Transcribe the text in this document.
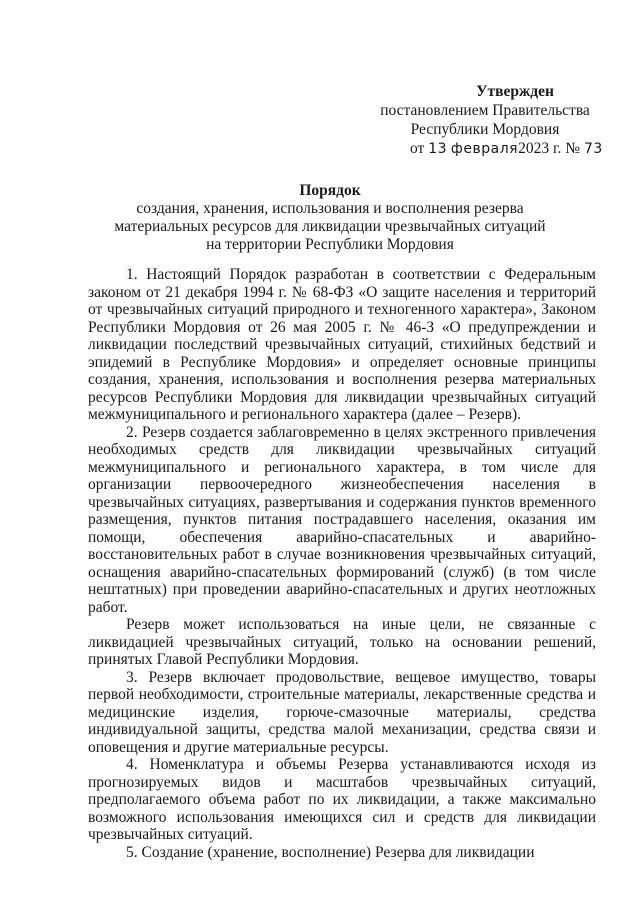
Утвержден
постановлением Правительства
Республики Мордовия
от 13 февраля2023 г. № 73
Порядок
создания, хранения, использования и восполнения резерва
материальных ресурсов для ликвидации чрезвычайных ситуаций
на территории Республики Мордовия

1. Настоящий Порядок разработан в соответствии с Федеральным законом от 21 декабря 1994 г. № 68-ФЗ «О защите населения и территорий от чрезвычайных ситуаций природного и техногенного характера», Законом Республики Мордовия от 26 мая 2005 г. № 46-З «О предупреждении и ликвидации последствий чрезвычайных ситуаций, стихийных бедствий и эпидемий в Республике Мордовия» и определяет основные принципы создания, хранения, использования и восполнения резерва материальных ресурсов Республики Мордовия для ликвидации чрезвычайных ситуаций межмуниципального и регионального характера (далее – Резерв).

2. Резерв создается заблаговременно в целях экстренного привлечения необходимых средств для ликвидации чрезвычайных ситуаций межмуниципального и регионального характера, в том числе для организации первоочередного жизнеобеспечения населения в чрезвычайных ситуациях, развертывания и содержания пунктов временного размещения, пунктов питания пострадавшего населения, оказания им помощи, обеспечения аварийно-спасательных и аварийно-восстановительных работ в случае возникновения чрезвычайных ситуаций, оснащения аварийно-спасательных формирований (служб) (в том числе нештатных) при проведении аварийно-спасательных и других неотложных работ.

Резерв может использоваться на иные цели, не связанные с ликвидацией чрезвычайных ситуаций, только на основании решений, принятых Главой Республики Мордовия.

3. Резерв включает продовольствие, вещевое имущество, товары первой необходимости, строительные материалы, лекарственные средства и медицинские изделия, горюче-смазочные материалы, средства индивидуальной защиты, средства малой механизации, средства связи и оповещения и другие материальные ресурсы.

4. Номенклатура и объемы Резерва устанавливаются исходя из прогнозируемых видов и масштабов чрезвычайных ситуаций, предполагаемого объема работ по их ликвидации, а также максимально возможного использования имеющихся сил и средств для ликвидации чрезвычайных ситуаций.

5. Создание (хранение, восполнение) Резерва для ликвидации
